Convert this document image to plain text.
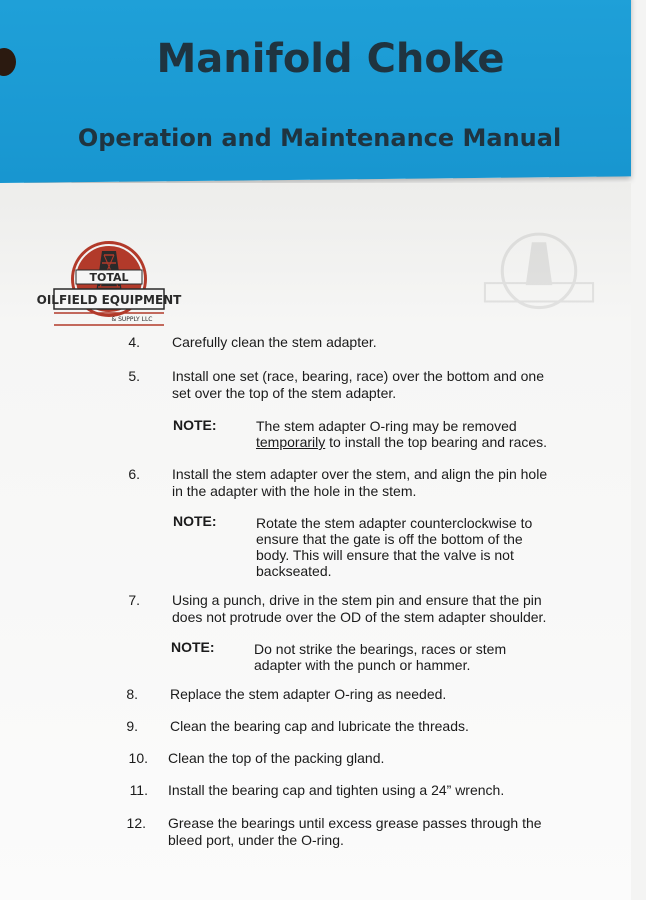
Manifold Choke
Operation and Maintenance Manual
TOTAL
OILFIELD EQUIPMENT
& SUPPLY LLC
4. Carefully clean the stem adapter.
5. Install one set (race, bearing, race) over the bottom and one set over the top of the stem adapter.
NOTE:	The stem adapter O-ring may be removed
temporarily to install the top bearing and races.
6. Install the stem adapter over the stem, and align the pin hole in the adapter with the hole in the stem.
NOTE:	Rotate the stem adapter counterclockwise to ensure that the gate is off the bottom of the body. This will ensure that the valve is not backseated.
7. Using a punch, drive in the stem pin and ensure that the pin does not protrude over the OD of the stem adapter shoulder.
NOTE:	Do not strike the bearings, races or stem adapter with the punch or hammer.
8. Replace the stem adapter O-ring as needed.
9. Clean the bearing cap and lubricate the threads.
10. Clean the top of the packing gland.
11. Install the bearing cap and tighten using a 24” wrench.
12. Grease the bearings until excess grease passes through the bleed port, under the O-ring.
